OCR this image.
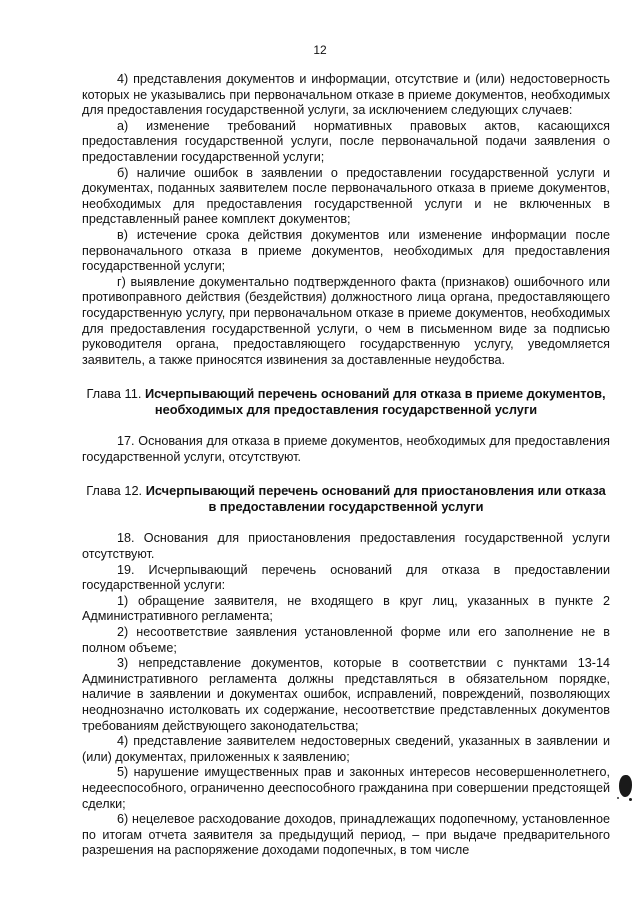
12

4) представления документов и информации, отсутствие и (или) недостоверность которых не указывались при первоначальном отказе в приеме документов, необходимых для предоставления государственной услуги, за исключением следующих случаев:

а) изменение требований нормативных правовых актов, касающихся предоставления государственной услуги, после первоначальной подачи заявления о предоставлении государственной услуги;

б) наличие ошибок в заявлении о предоставлении государственной услуги и документах, поданных заявителем после первоначального отказа в приеме документов, необходимых для предоставления государственной услуги и не включенных в представленный ранее комплект документов;

в) истечение срока действия документов или изменение информации после первоначального отказа в приеме документов, необходимых для предоставления государственной услуги;

г) выявление документально подтвержденного факта (признаков) ошибочного или противоправного действия (бездействия) должностного лица органа, предоставляющего государственную услугу, при первоначальном отказе в приеме документов, необходимых для предоставления государственной услуги, о чем в письменном виде за подписью руководителя органа, предоставляющего государственную услугу, уведомляется заявитель, а также приносятся извинения за доставленные неудобства.

Глава 11. Исчерпывающий перечень оснований для отказа в приеме документов, необходимых для предоставления государственной услуги

17. Основания для отказа в приеме документов, необходимых для предоставления государственной услуги, отсутствуют.

Глава 12. Исчерпывающий перечень оснований для приостановления или отказа в предоставлении государственной услуги

18. Основания для приостановления предоставления государственной услуги отсутствуют.

19. Исчерпывающий перечень оснований для отказа в предоставлении государственной услуги:

1) обращение заявителя, не входящего в круг лиц, указанных в пункте 2 Административного регламента;

2) несоответствие заявления установленной форме или его заполнение не в полном объеме;

3) непредставление документов, которые в соответствии с пунктами 13-14 Административного регламента должны представляться в обязательном порядке, наличие в заявлении и документах ошибок, исправлений, повреждений, позволяющих неоднозначно истолковать их содержание, несоответствие представленных документов требованиям действующего законодательства;

4) представление заявителем недостоверных сведений, указанных в заявлении и (или) документах, приложенных к заявлению;

5) нарушение имущественных прав и законных интересов несовершеннолетнего, недееспособного, ограниченно дееспособного гражданина при совершении предстоящей сделки;

6) нецелевое расходование доходов, принадлежащих подопечному, установленное по итогам отчета заявителя за предыдущий период, – при выдаче предварительного разрешения на распоряжение доходами подопечных, в том числе
